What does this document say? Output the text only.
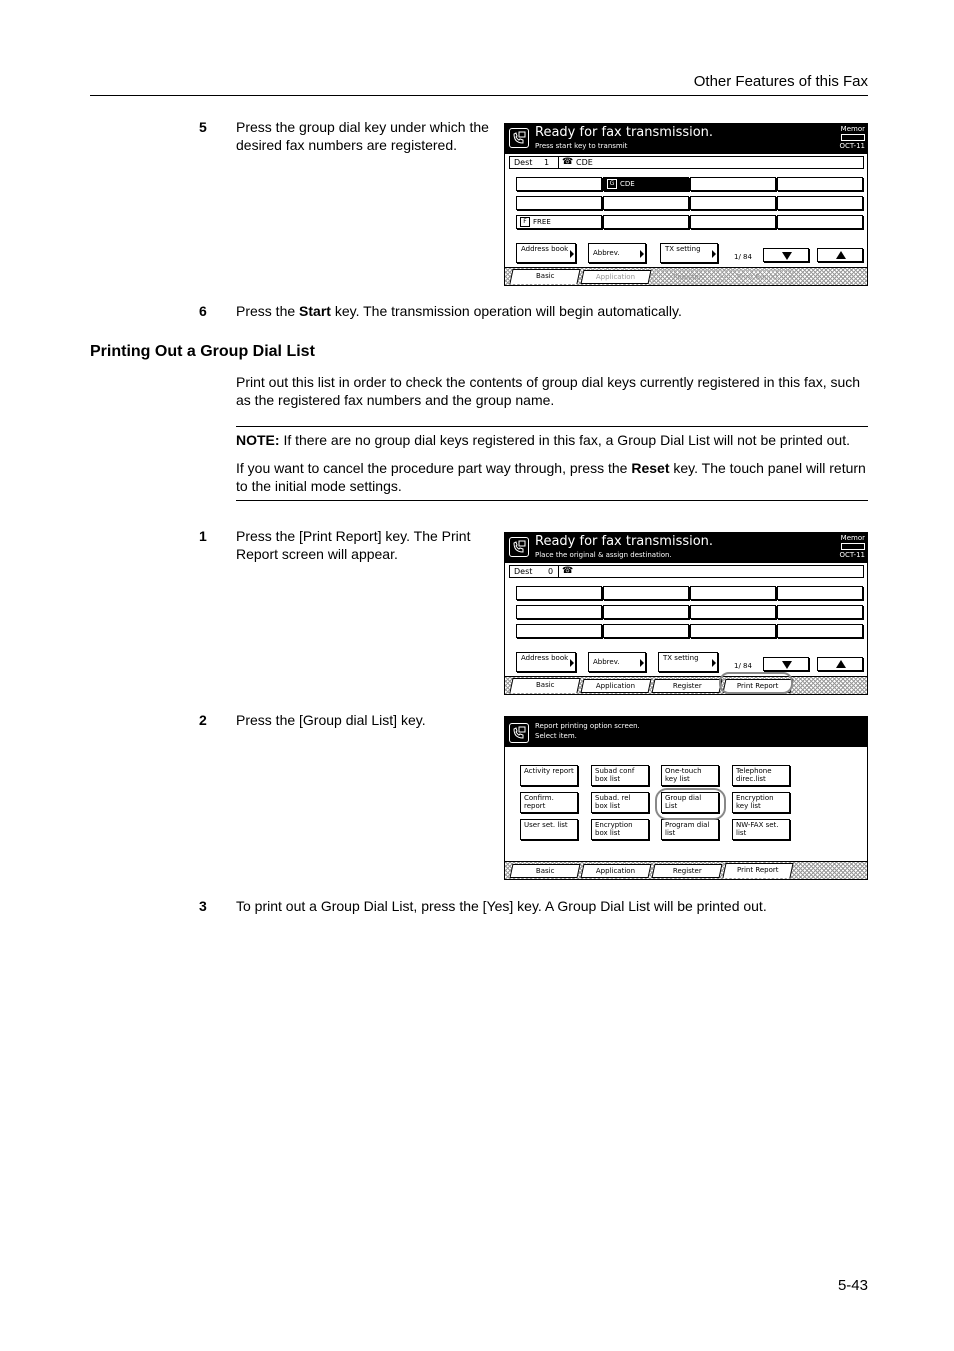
Other Features of this Fax
5 Press the group dial key under which the desired fax numbers are registered.
Ready for fax transmission.
Press start key to transmit
Memor
OCT-11
Dest 1 ☎ CDE
G CDE
F FREE
Address book	Abbrev.	TX setting
1/ 84
Basic	Application	Register	Print Report
6 Press the Start key. The transmission operation will begin automatically.
Printing Out a Group Dial List
Print out this list in order to check the contents of group dial keys currently registered in this fax, such as the registered fax numbers and the group name.
NOTE: If there are no group dial keys registered in this fax, a Group Dial List will not be printed out.
If you want to cancel the procedure part way through, press the Reset key. The touch panel will return to the initial mode settings.
1 Press the [Print Report] key. The Print Report screen will appear.
Ready for fax transmission.
Place the original & assign destination.
Memor
OCT-11
Dest 0 ☎
Address book	Abbrev.	TX setting
1/ 84
Basic	Application	Register	Print Report
2 Press the [Group dial List] key.	Report printing option screen.
Select item.
Activity report	Subad conf box list
One-touch key list
Telephone direc.list
Confirm. report
Subad. rel box list
Group dial List
Encryption key list
User set. list	Encryption box list
Program dial list
NW-FAX set. list
Basic	Application	Register	Print Report
3 To print out a Group Dial List, press the [Yes] key. A Group Dial List will be printed out.
5-43
